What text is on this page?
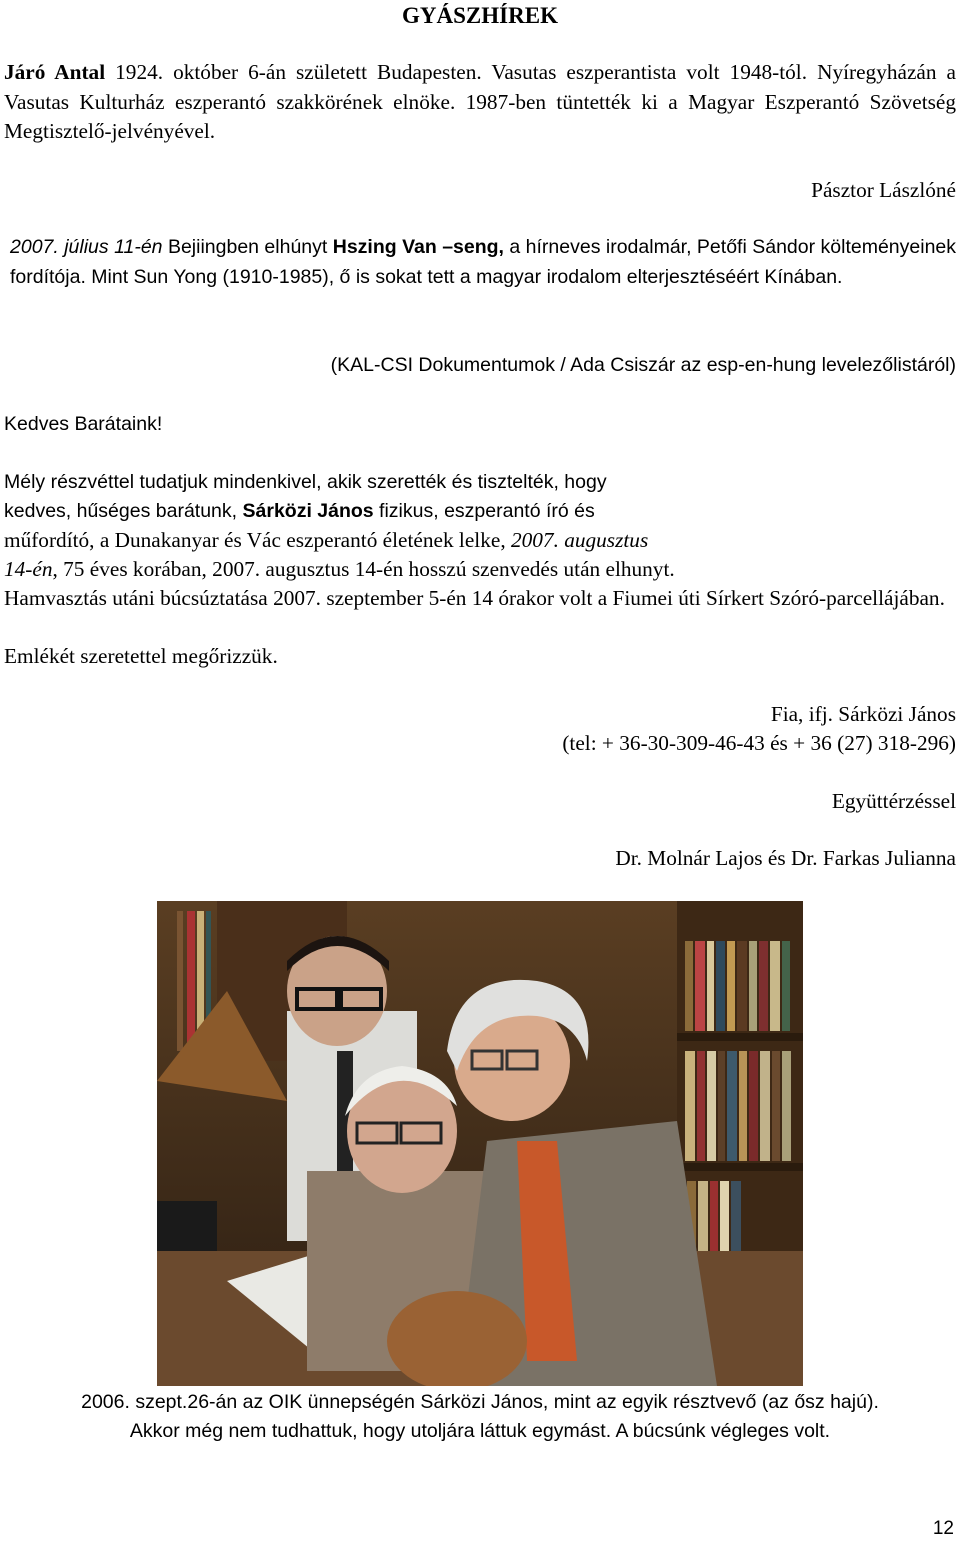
GYÁSZHÍREK
Járó Antal 1924. október 6-án született Budapesten. Vasutas eszperantista volt 1948-tól. Nyíregyházán a Vasutas Kulturház eszperantó szakkörének elnöke. 1987-ben tüntették ki a Magyar Eszperantó Szövetség Megtisztelő-jelvényével.
Pásztor Lászlóné
2007. július 11-én Bejiingben elhúnyt Hszing Van –seng, a hírneves irodalmár, Petőfi Sándor költeményeinek fordítója. Mint Sun Yong (1910-1985), ő is sokat tett a magyar irodalom elterjesztéséért Kínában.
(KAL-CSI Dokumentumok / Ada Csiszár az esp-en-hung levelezőlistáról)
Kedves Barátaink!
Mély részvéttel tudatjuk mindenkivel, akik szerették és tisztelték, hogy
kedves, hűséges barátunk, Sárközi János fizikus, eszperantó író és
műfordító, a Dunakanyar és Vác eszperantó életének lelke, 2007. augusztus
14-én, 75 éves korában, 2007. augusztus 14-én hosszú szenvedés után elhunyt.
Hamvasztás utáni búcsúztatása 2007. szeptember 5-én 14 órakor volt a Fiumei úti Sírkert Szóró-parcellájában.
Emlékét szeretettel megőrizzük.
Fia, ifj. Sárközi János
(tel: + 36-30-309-46-43 és + 36 (27) 318-296)
Együttérzéssel
Dr. Molnár Lajos és Dr. Farkas Julianna
2006. szept.26-án az OIK ünnepségén Sárközi János, mint az egyik résztvevő (az ősz hajú).
Akkor még nem tudhattuk, hogy utoljára láttuk egymást. A búcsúnk végleges volt.
12
